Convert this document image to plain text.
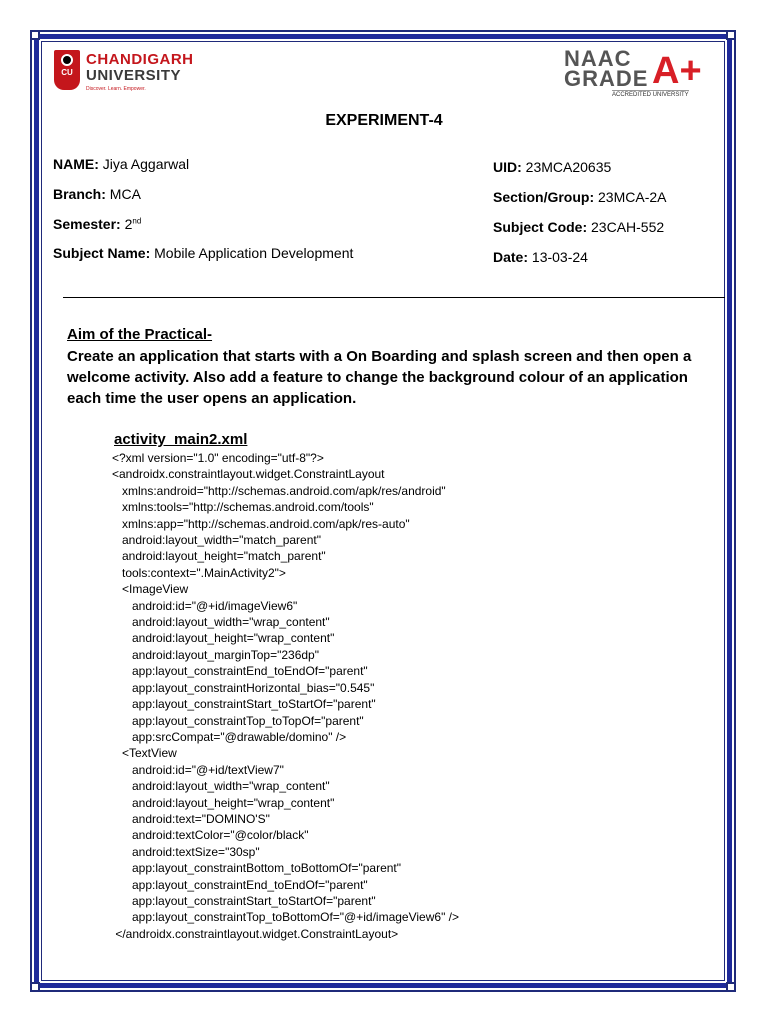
CU
CHANDIGARH
UNIVERSITY
Discover. Learn. Empower.
NAAC
GRADE A+
ACCREDITED UNIVERSITY
EXPERIMENT-4
NAME: Jiya Aggarwal
Branch: MCA
Semester: 2nd
Subject Name: Mobile Application Development
UID: 23MCA20635
Section/Group: 23MCA-2A
Subject Code: 23CAH-552
Date: 13-03-24
Aim of the Practical-
Create an application that starts with a On Boarding and splash screen and then open a welcome activity. Also add a feature to change the background colour of an application each time the user opens an application.
activity_main2.xml
<?xml version="1.0" encoding="utf-8"?>
<androidx.constraintlayout.widget.ConstraintLayout
xmlns:android="http://schemas.android.com/apk/res/android"
xmlns:tools="http://schemas.android.com/tools"
xmlns:app="http://schemas.android.com/apk/res-auto"
android:layout_width="match_parent"
android:layout_height="match_parent"
tools:context=".MainActivity2">
<ImageView
android:id="@+id/imageView6"
android:layout_width="wrap_content"
android:layout_height="wrap_content"
android:layout_marginTop="236dp"
app:layout_constraintEnd_toEndOf="parent"
app:layout_constraintHorizontal_bias="0.545"
app:layout_constraintStart_toStartOf="parent"
app:layout_constraintTop_toTopOf="parent"
app:srcCompat="@drawable/domino" />
<TextView
android:id="@+id/textView7"
android:layout_width="wrap_content"
android:layout_height="wrap_content"
android:text="DOMINO'S"
android:textColor="@color/black"
android:textSize="30sp"
app:layout_constraintBottom_toBottomOf="parent"
app:layout_constraintEnd_toEndOf="parent"
app:layout_constraintStart_toStartOf="parent"
app:layout_constraintTop_toBottomOf="@+id/imageView6" />
</androidx.constraintlayout.widget.ConstraintLayout>
